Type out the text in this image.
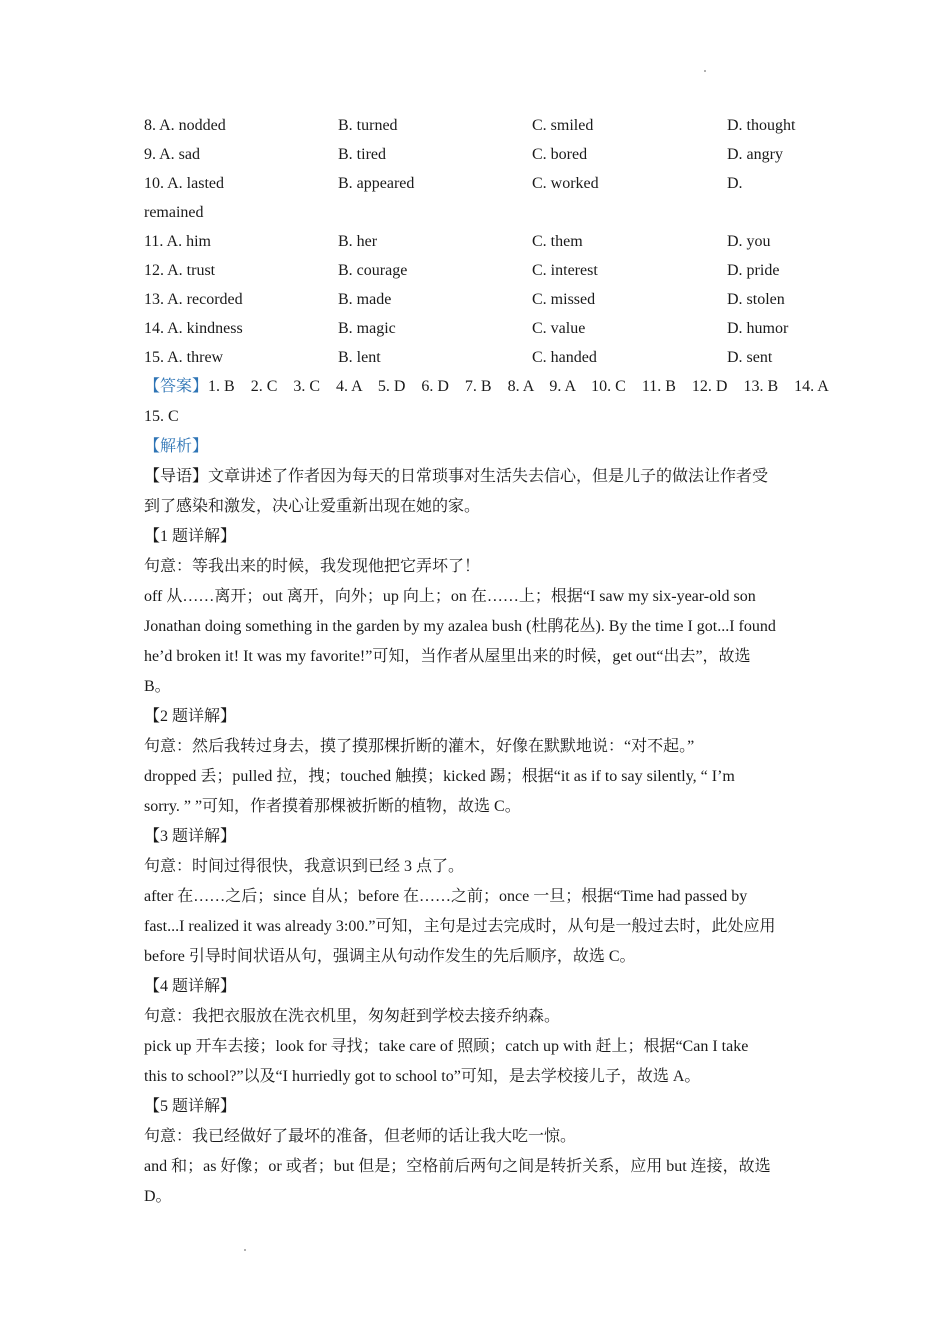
8. A. nodded	B. turned	C. smiled	D. thought
9. A. sad	B. tired	C. bored	D. angry
10. A. lasted	B. appeared	C. worked	D.
remained
11. A. him	B. her	C. them	D. you
12. A. trust	B. courage	C. interest	D. pride
13. A. recorded	B. made	C. missed	D. stolen
14. A. kindness	B. magic	C. value	D. humor
15. A. threw	B. lent	C. handed	D. sent
【答案】1. B　2. C　3. C　4. A　5. D　6. D　7. B　8. A　9. A　10. C　11. B　12. D　13. B　14. A
15. C
【解析】
【导语】文章讲述了作者因为每天的日常琐事对生活失去信心，但是儿子的做法让作者受
到了感染和激发，决心让爱重新出现在她的家。
【1 题详解】
句意：等我出来的时候，我发现他把它弄坏了！
off 从……离开；out 离开，向外；up 向上；on 在……上；根据“I saw my six-year-old son
Jonathan doing something in the garden by my azalea bush (杜鹃花丛). By the time I got...I found
he’d broken it! It was my favorite!”可知，当作者从屋里出来的时候，get out“出去”，故选
B。
【2 题详解】
句意：然后我转过身去，摸了摸那棵折断的灌木，好像在默默地说：“对不起。”
dropped 丢；pulled 拉，拽；touched 触摸；kicked 踢；根据“it as if to say silently, “ I’m
sorry. ” ”可知，作者摸着那棵被折断的植物，故选 C。
【3 题详解】
句意：时间过得很快，我意识到已经 3 点了。
after 在……之后；since 自从；before 在……之前；once 一旦；根据“Time had passed by
fast...I realized it was already 3:00.”可知，主句是过去完成时，从句是一般过去时，此处应用
before 引导时间状语从句，强调主从句动作发生的先后顺序，故选 C。
【4 题详解】
句意：我把衣服放在洗衣机里，匆匆赶到学校去接乔纳森。
pick up 开车去接；look for 寻找；take care of 照顾；catch up with 赶上；根据“Can I take
this to school?”以及“I hurriedly got to school to”可知，是去学校接儿子，故选 A。
【5 题详解】
句意：我已经做好了最坏的准备，但老师的话让我大吃一惊。
and 和；as 好像；or 或者；but 但是；空格前后两句之间是转折关系，应用 but 连接，故选
D。
